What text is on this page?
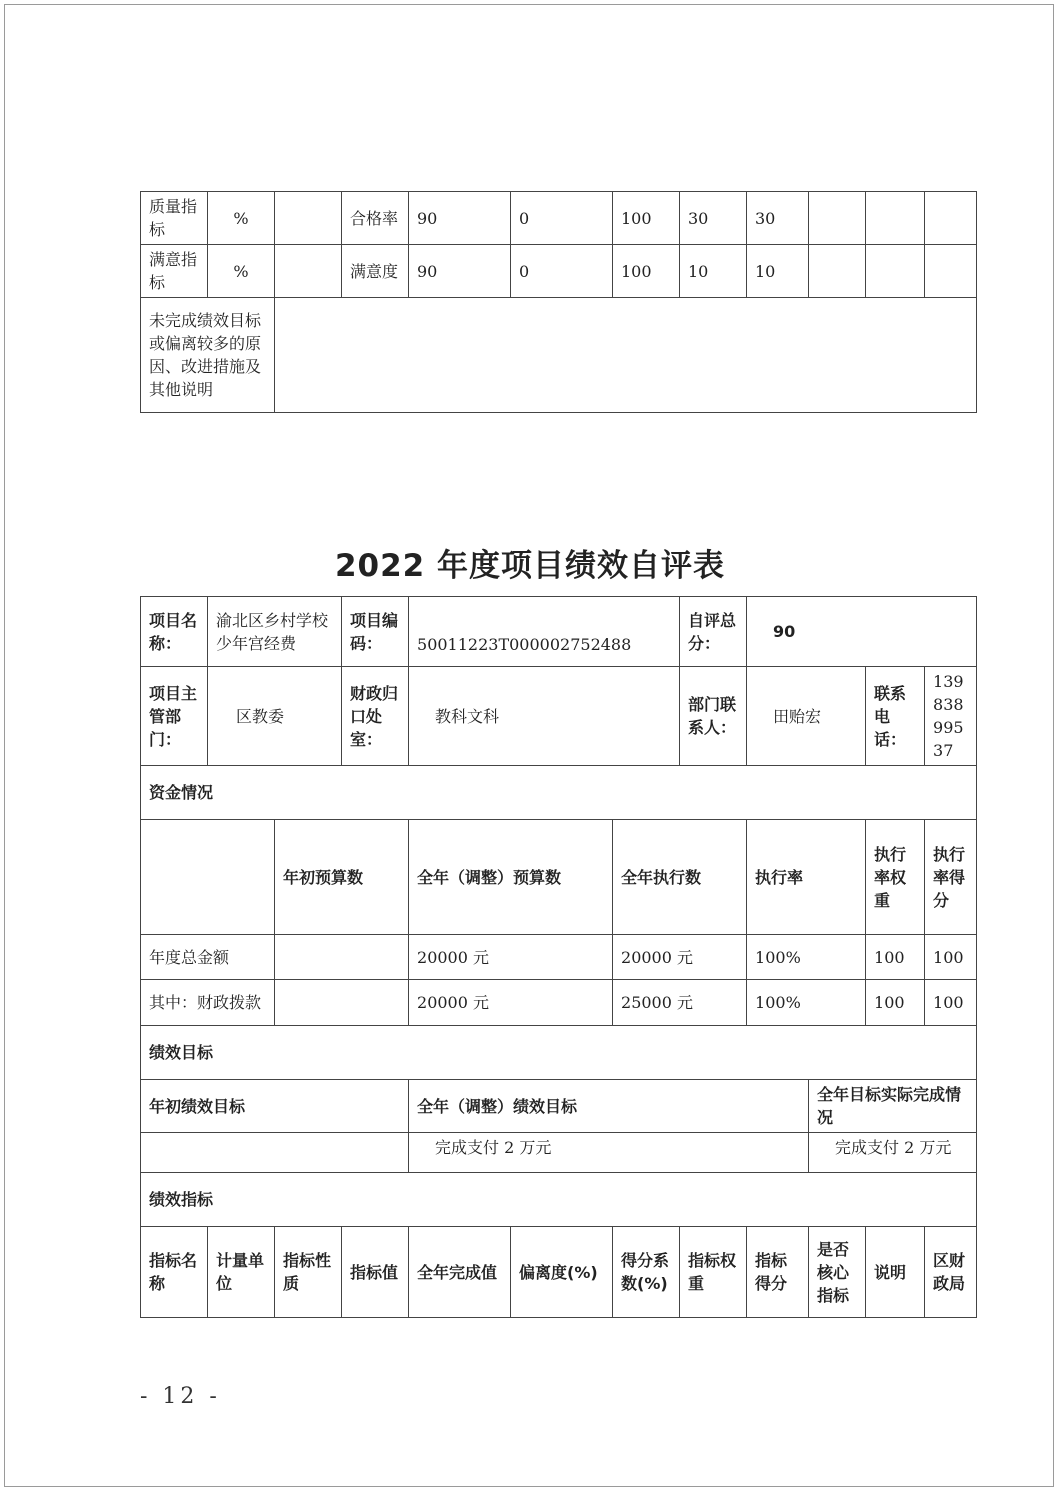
质量指标	%		合格率	90	0	100	30	30			
满意指标	%		满意度	90	0	100	10	10			
未完成绩效目标或偏离较多的原因、改进措施及其他说明											
2022 年度项目绩效自评表
项目名称：	渝北区乡村学校少年宫经费		项目编码：	50011223T000002752488			自评总分：	90			
项目主管部门：	区教委		财政归口处室：	教科文科			部门联系人：	田贻宏		联系电话：	13983899537
资金情况											
		年初预算数		全年（调整）预算数		全年执行数		执行率		执行率权重	执行率得分
年度总金额				20000 元		20000 元		100%		100	100
其中：财政拨款				20000 元		25000 元		100%		100	100
绩效目标											
年初绩效目标				全年（调整）绩效目标					全年目标实际完成情况		
				完成支付 2 万元					完成支付 2 万元		
绩效指标											
指标名称	计量单位	指标性质	指标值	全年完成值	偏离度(%)	得分系数(%)	指标权重	指标得分	是否核心指标	说明	区财政局
- 12 -
